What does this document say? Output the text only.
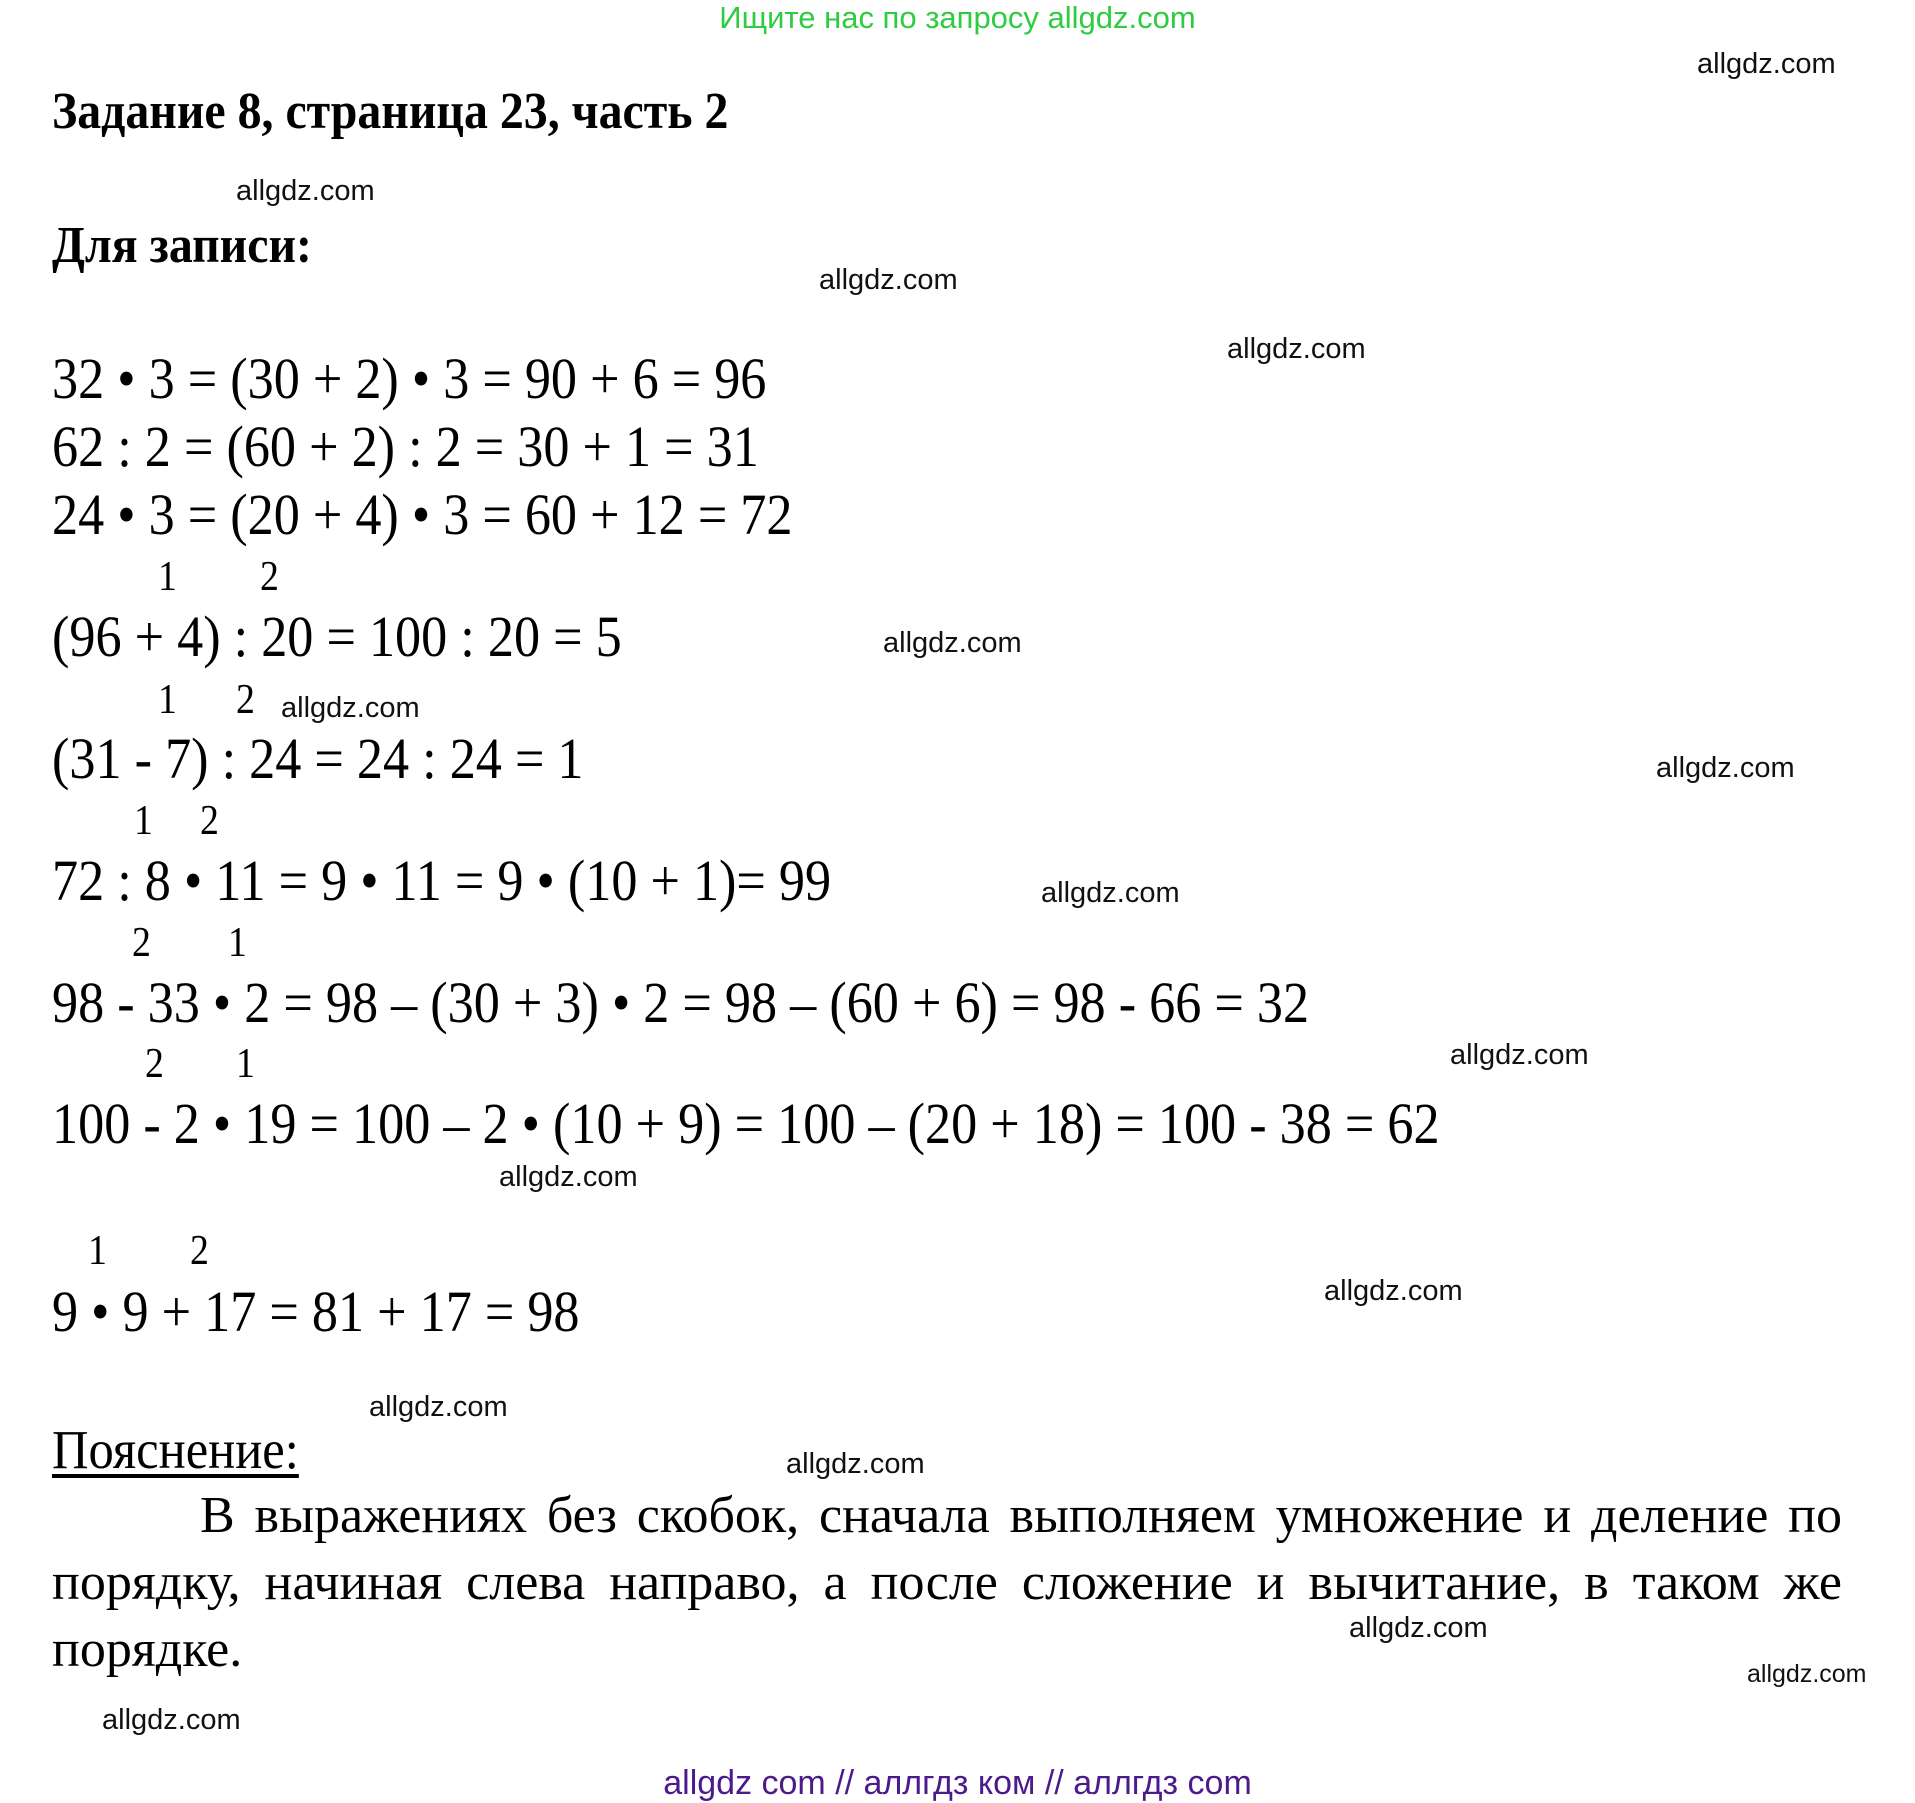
Ищите нас по запросу allgdz.com
Задание 8, страница 23, часть 2
Для записи:
32 • 3 = (30 + 2) • 3 = 90 + 6 = 96
62 : 2 = (60 + 2) : 2 = 30 + 1 = 31
24 • 3 = (20 + 4) • 3 = 60 + 12 = 72
1 2
(96 + 4) : 20 = 100 : 20 = 5
1 2
(31 - 7) : 24 = 24 : 24 = 1
1 2
72 : 8 • 11 = 9 • 11 = 9 • (10 + 1)= 99
2 1
98 - 33 • 2 = 98 – (30 + 3) • 2 = 98 – (60 + 6) = 98 - 66 = 32
2 1
100 - 2 • 19 = 100 – 2 • (10 + 9) = 100 – (20 + 18) = 100 - 38 = 62
1 2
9 • 9 + 17 = 81 + 17 = 98
Пояснение:

В выражениях без скобок, сначала выполняем умножение и деление по порядку, начиная слева направо, а после сложение и вычитание, в таком же порядке.

allgdz.com
allgdz.com
allgdz.com
allgdz.com
allgdz.com
allgdz.com
allgdz.com
allgdz.com
allgdz.com
allgdz.com
allgdz.com
allgdz.com
allgdz.com
allgdz.com
allgdz.com
allgdz.com
allgdz com // аллгдз ком // аллгдз com
